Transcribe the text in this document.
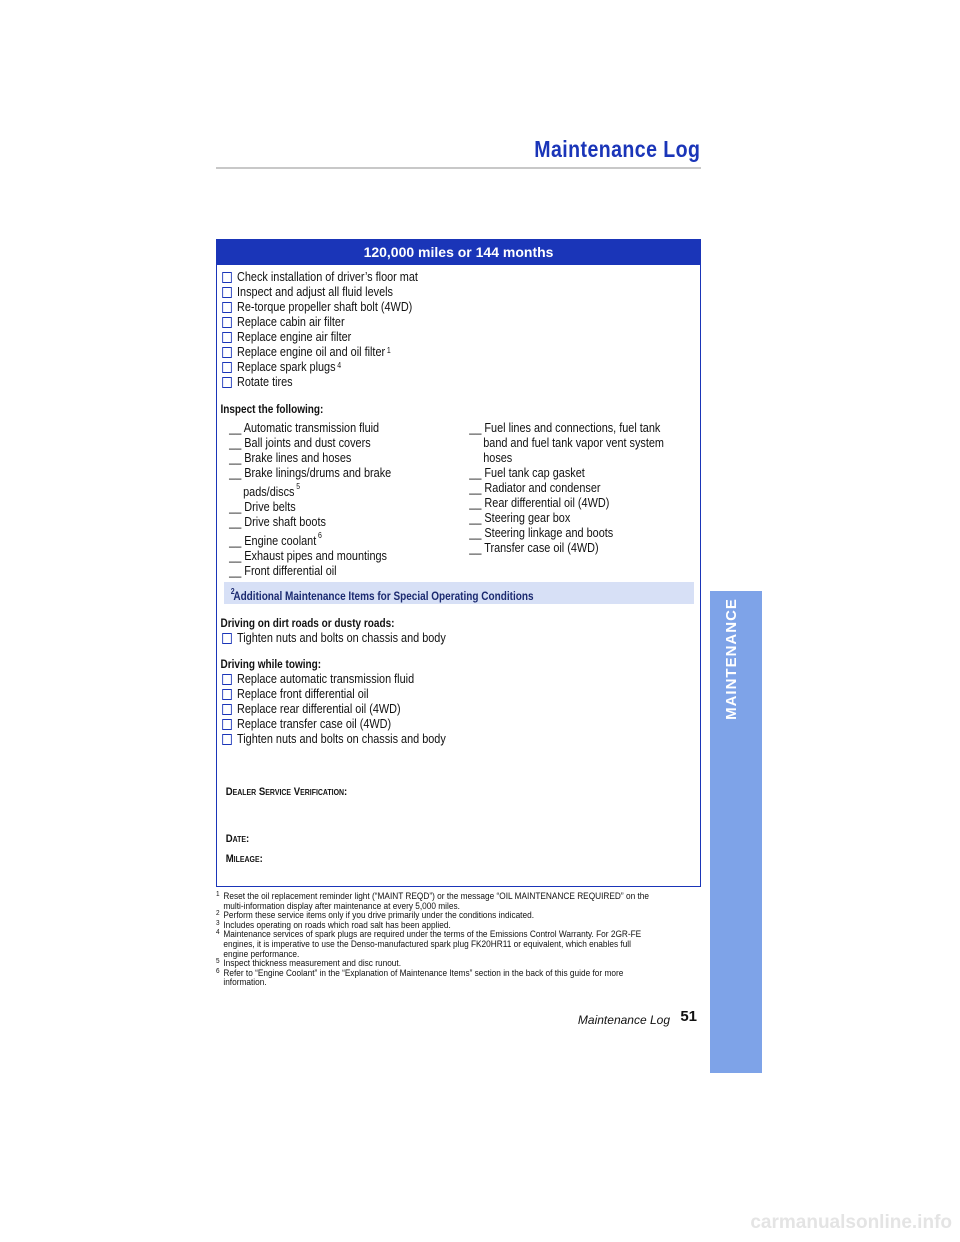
Maintenance Log
120,000 miles or 144 months
Check installation of driver’s floor mat
Inspect and adjust all fluid levels
Re-torque propeller shaft bolt (4WD)
Replace cabin air filter
Replace engine air filter
Replace engine oil and oil filter$^1$
Replace spark plugs$^4$
Rotate tires
Inspect the following:
__ Automatic transmission fluid
__ Ball joints and dust covers
__ Brake lines and hoses
__ Brake linings/drums and brake
pads/discs $^5$
__ Drive belts
__ Drive shaft boots
__ Engine coolant $^6$
__ Exhaust pipes and mountings
__ Front differential oil
__ Fuel lines and connections, fuel tank
band and fuel tank vapor vent system
hoses
__ Fuel tank cap gasket
__ Radiator and condenser
__ Rear differential oil (4WD)
__ Steering gear box
__ Steering linkage and boots
__ Transfer case oil (4WD)
Additional Maintenance Items for Special Operating Conditions
$^2$
Driving on dirt roads or dusty roads:
Tighten nuts and bolts on chassis and body
Driving while towing:
Replace automatic transmission fluid
Replace front differential oil
Replace rear differential oil (4WD)
Replace transfer case oil (4WD)
Tighten nuts and bolts on chassis and body
DEALER SERVICE VERIFICATION:
DATE:
MILEAGE:
1 Reset the oil replacement reminder light (“MAINT REQD”) or the message “OIL MAINTENANCE REQUIRED” on the
multi-information display after maintenance at every 5,000 miles.
2 Perform these service items only if you drive primarily under the conditions indicated.
3 Includes operating on roads which road salt has been applied.
4 Maintenance services of spark plugs are required under the terms of the Emissions Control Warranty. For 2GR-FE
engines, it is imperative to use the Denso-manufactured spark plug FK20HR11 or equivalent, which enables full
engine performance.
5 Inspect thickness measurement and disc runout.
6 Refer to “Engine Coolant” in the “Explanation of Maintenance Items” section in the back of this guide for more
information.
Maintenance Log 51
MAINTENANCE
carmanualsonline.info
